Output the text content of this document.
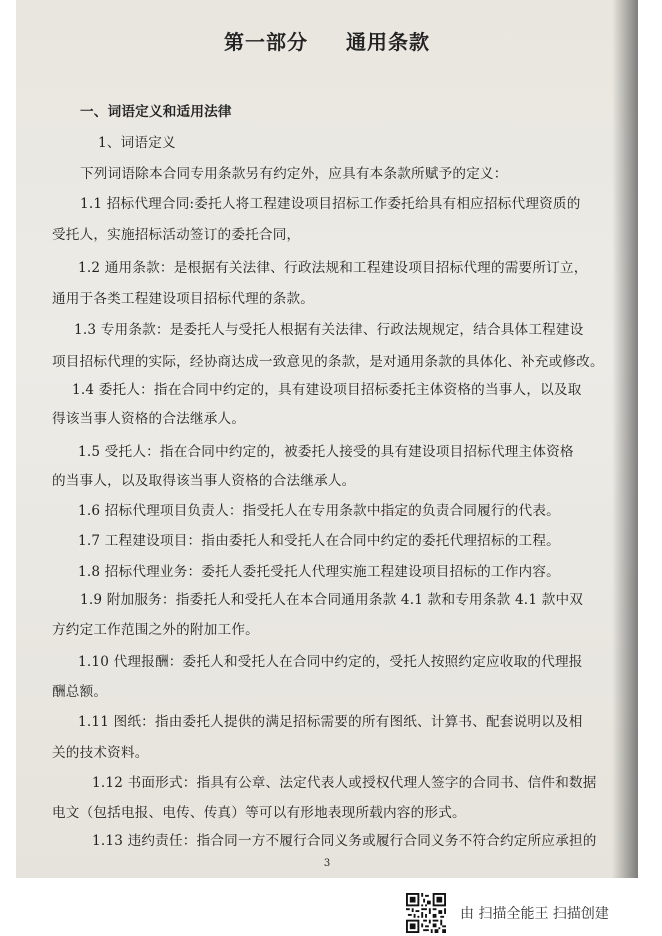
第一部分 通用条款
一、词语定义和适用法律
1、词语定义
下列词语除本合同专用条款另有约定外，应具有本条款所赋予的定义：
1.1 招标代理合同:委托人将工程建设项目招标工作委托给具有相应招标代理资质的
受托人，实施招标活动签订的委托合同，
1.2 通用条款：是根据有关法律、行政法规和工程建设项目招标代理的需要所订立，
通用于各类工程建设项目招标代理的条款。
1.3 专用条款：是委托人与受托人根据有关法律、行政法规规定，结合具体工程建设
项目招标代理的实际，经协商达成一致意见的条款，是对通用条款的具体化、补充或修改。
1.4 委托人：指在合同中约定的，具有建设项目招标委托主体资格的当事人，以及取
得该当事人资格的合法继承人。
1.5 受托人：指在合同中约定的，被委托人接受的具有建设项目招标代理主体资格
的当事人，以及取得该当事人资格的合法继承人。
1.6 招标代理项目负责人：指受托人在专用条款中指定的负责合同履行的代表。
1.7 工程建设项目：指由委托人和受托人在合同中约定的委托代理招标的工程。
1.8 招标代理业务：委托人委托受托人代理实施工程建设项目招标的工作内容。
1.9 附加服务：指委托人和受托人在本合同通用条款 4.1 款和专用条款 4.1 款中双
方约定工作范围之外的附加工作。
1.10 代理报酬：委托人和受托人在合同中约定的，受托人按照约定应收取的代理报
酬总额。
1.11 图纸：指由委托人提供的满足招标需要的所有图纸、计算书、配套说明以及相
关的技术资料。
1.12 书面形式：指具有公章、法定代表人或授权代理人签字的合同书、信件和数据
电文（包括电报、电传、传真）等可以有形地表现所载内容的形式。
1.13 违约责任：指合同一方不履行合同义务或履行合同义务不符合约定所应承担的
3
由 扫描全能王 扫描创建
